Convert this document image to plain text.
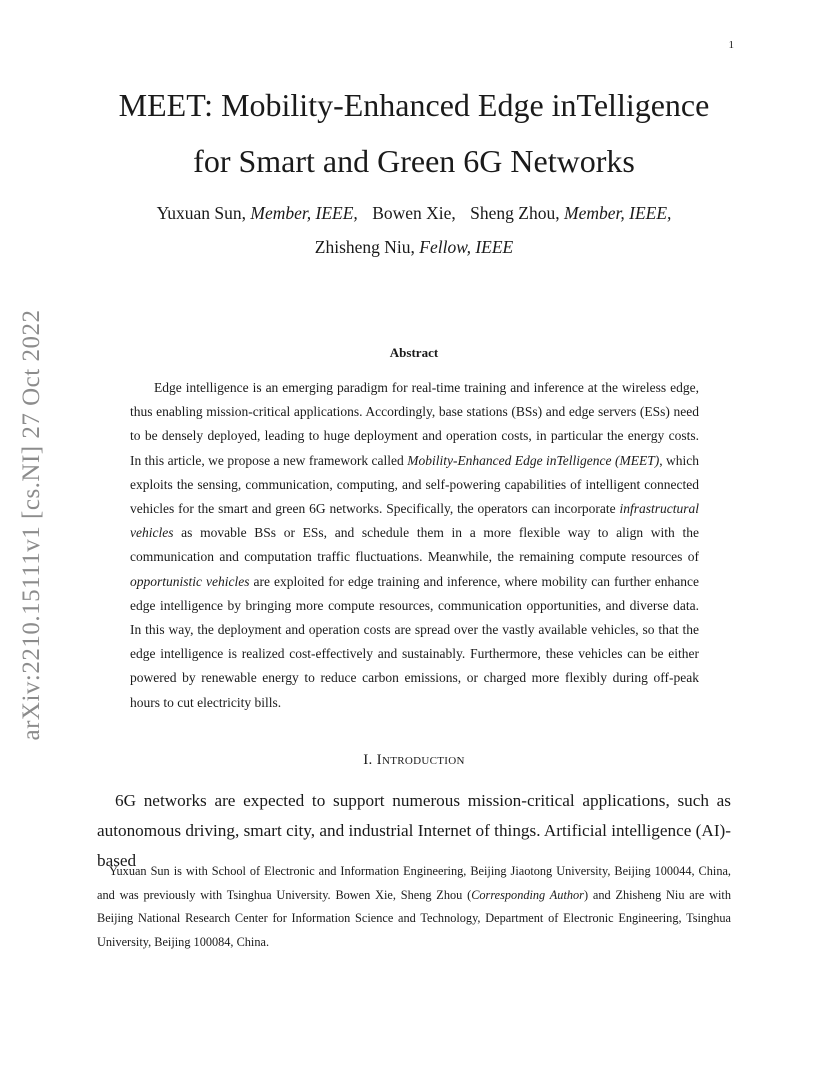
1
arXiv:2210.15111v1 [cs.NI] 27 Oct 2022
MEET: Mobility-Enhanced Edge inTelligence
for Smart and Green 6G Networks
Yuxuan Sun, Member, IEEE, Bowen Xie, Sheng Zhou, Member, IEEE,
Zhisheng Niu, Fellow, IEEE
Abstract
Edge intelligence is an emerging paradigm for real-time training and inference at the wireless edge, thus enabling mission-critical applications. Accordingly, base stations (BSs) and edge servers (ESs) need to be densely deployed, leading to huge deployment and operation costs, in particular the energy costs. In this article, we propose a new framework called Mobility-Enhanced Edge inTelligence (MEET), which exploits the sensing, communication, computing, and self-powering capabilities of intelligent connected vehicles for the smart and green 6G networks. Specifically, the operators can incorporate infrastructural vehicles as movable BSs or ESs, and schedule them in a more flexible way to align with the communication and computation traffic fluctuations. Meanwhile, the remaining compute resources of opportunistic vehicles are exploited for edge training and inference, where mobility can further enhance edge intelligence by bringing more compute resources, communication opportunities, and diverse data. In this way, the deployment and operation costs are spread over the vastly available vehicles, so that the edge intelligence is realized cost-effectively and sustainably. Furthermore, these vehicles can be either powered by renewable energy to reduce carbon emissions, or charged more flexibly during off-peak hours to cut electricity bills.
I. Introduction
6G networks are expected to support numerous mission-critical applications, such as autonomous driving, smart city, and industrial Internet of things. Artificial intelligence (AI)-based
Yuxuan Sun is with School of Electronic and Information Engineering, Beijing Jiaotong University, Beijing 100044, China, and was previously with Tsinghua University. Bowen Xie, Sheng Zhou (Corresponding Author) and Zhisheng Niu are with Beijing National Research Center for Information Science and Technology, Department of Electronic Engineering, Tsinghua University, Beijing 100084, China.
